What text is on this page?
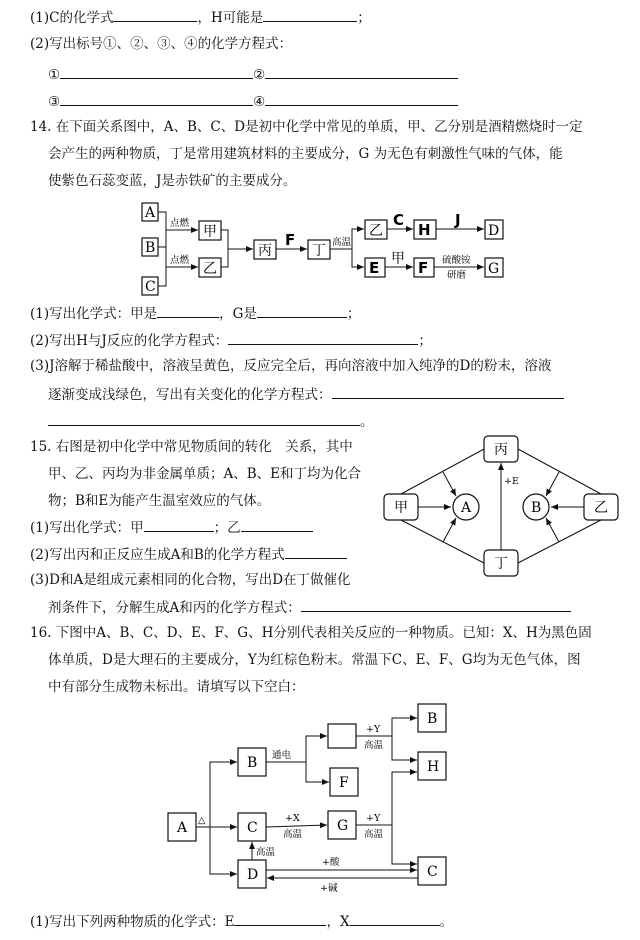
(1)C的化学式	，H可能是	；
(2)写出标号①、②、③、④的化学方程式：
①	②
③	④
14. 在下面关系图中，A、B、C、D是初中化学中常见的单质，甲、乙分别是酒精燃烧时一定
会产生的两种物质，丁是常用建筑材料的主要成分，G 为无色有刺激性气味的气体，能
使紫色石蕊变蓝，J是赤铁矿的主要成分。
A
B
C
点燃
点燃
甲
乙
丙
F
丁
高温
乙
C
H
J
D
E 甲 F 硫酸铵
研磨 G
(1)写出化学式：甲是	，G是	；
(2)写出H与J反应的化学方程式：	；
(3)J溶解于稀盐酸中，溶液呈黄色，反应完全后，再向溶液中加入纯净的D的粉末，溶液
逐渐变成浅绿色，写出有关变化的化学方程式：
。
15. 右图是初中化学中常见物质间的转化　关系，其中
甲、乙、丙均为非金属单质；A、B、E和丁均为化合
物；B和E为能产生温室效应的气体。
(1)写出化学式：甲	；乙
(2)写出丙和正反应生成A和B的化学方程式
(3)D和A是组成元素相同的化合物，写出D在丁做催化
剂条件下，分解生成A和丙的化学方程式：
丙
甲	乙
丁
A	B
+E
16. 下图中A、B、C、D、E、F、G、H分别代表相关反应的一种物质。已知：X、H为黑色固
体单质，D是大理石的主要成分，Y为红棕色粉末。常温下C、E、F、G均为无色气体，图
中有部分生成物未标出。请填写以下空白：
A
B
C
D
F
G
B
H
C
△
通电
+Y
高温
+X
高温
+Y
高温
高温
+酸
+碱
(1)写出下列两种物质的化学式：E	，X	。
